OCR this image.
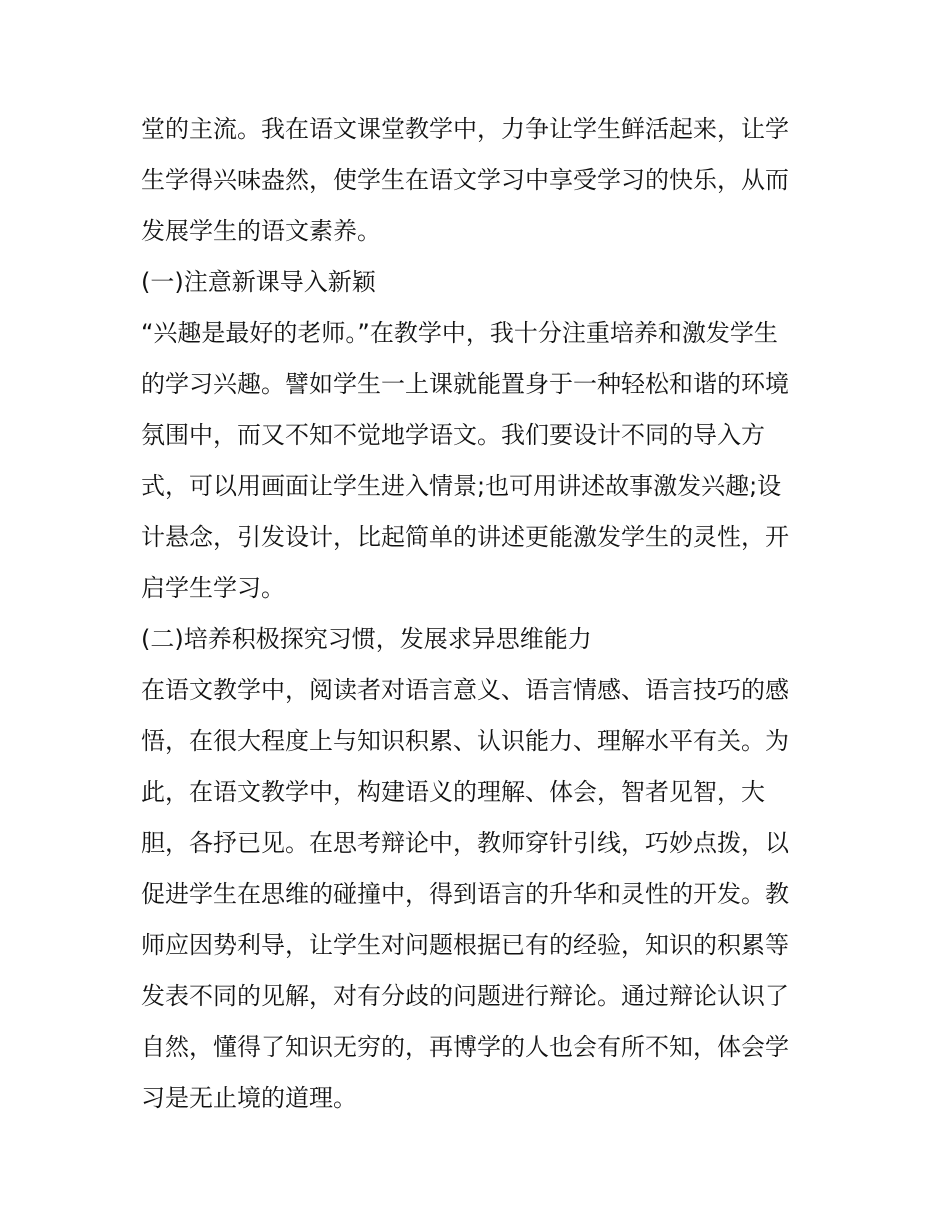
堂的主流。我在语文课堂教学中，力争让学生鲜活起来，让学
生学得兴味盎然，使学生在语文学习中享受学习的快乐，从而
发展学生的语文素养。
(一)注意新课导入新颖
“兴趣是最好的老师。”在教学中，我十分注重培养和激发学生
的学习兴趣。譬如学生一上课就能置身于一种轻松和谐的环境
氛围中，而又不知不觉地学语文。我们要设计不同的导入方
式，可以用画面让学生进入情景;也可用讲述故事激发兴趣;设
计悬念，引发设计，比起简单的讲述更能激发学生的灵性，开
启学生学习。
(二)培养积极探究习惯，发展求异思维能力
在语文教学中，阅读者对语言意义、语言情感、语言技巧的感
悟，在很大程度上与知识积累、认识能力、理解水平有关。为
此，在语文教学中，构建语义的理解、体会，智者见智，大
胆，各抒已见。在思考辩论中，教师穿针引线，巧妙点拨，以
促进学生在思维的碰撞中，得到语言的升华和灵性的开发。教
师应因势利导，让学生对问题根据已有的经验，知识的积累等
发表不同的见解，对有分歧的问题进行辩论。通过辩论认识了
自然，懂得了知识无穷的，再博学的人也会有所不知，体会学
习是无止境的道理。
